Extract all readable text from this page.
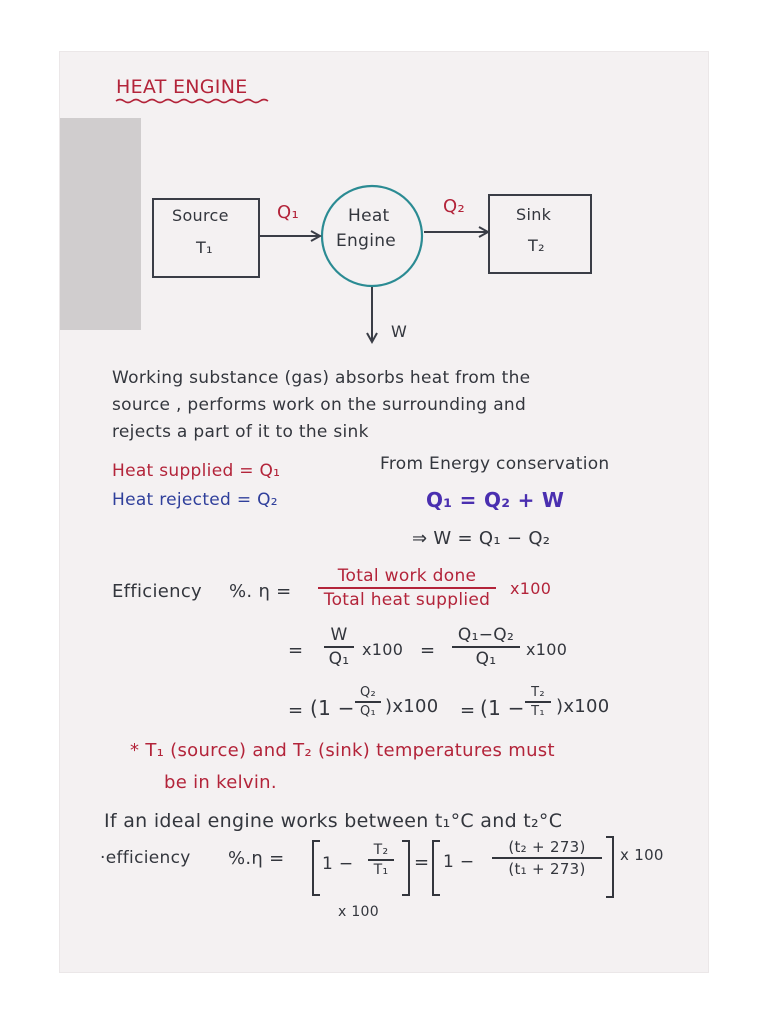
HEAT ENGINE
Source
T₁
Q₁	Heat
Engine
Q₂	Sink
T₂
W
Working substance (gas) absorbs heat from the
source , performs work on the surrounding and
rejects a part of it to the sink
Heat supplied = Q₁
Heat rejected = Q₂
From Energy conservation
Q₁ = Q₂ + W
⇒ W = Q₁ − Q₂
Efficiency %. η =
Total work done
Total heat supplied
x100
=
W
Q₁ x100 =
Q₁−Q₂
Q₁	x100
= (1 −
Q₂
Q₁ )x100 = (1 −
T₂
T₁ )x100
* T₁ (source) and T₂ (sink) temperatures must
be in kelvin.
If an ideal engine works between t₁°C and t₂°C
·efficiency %.η = 1 −
T₂
T₁	= 1 −
(t₂ + 273)
(t₁ + 273)
x 100
x 100
